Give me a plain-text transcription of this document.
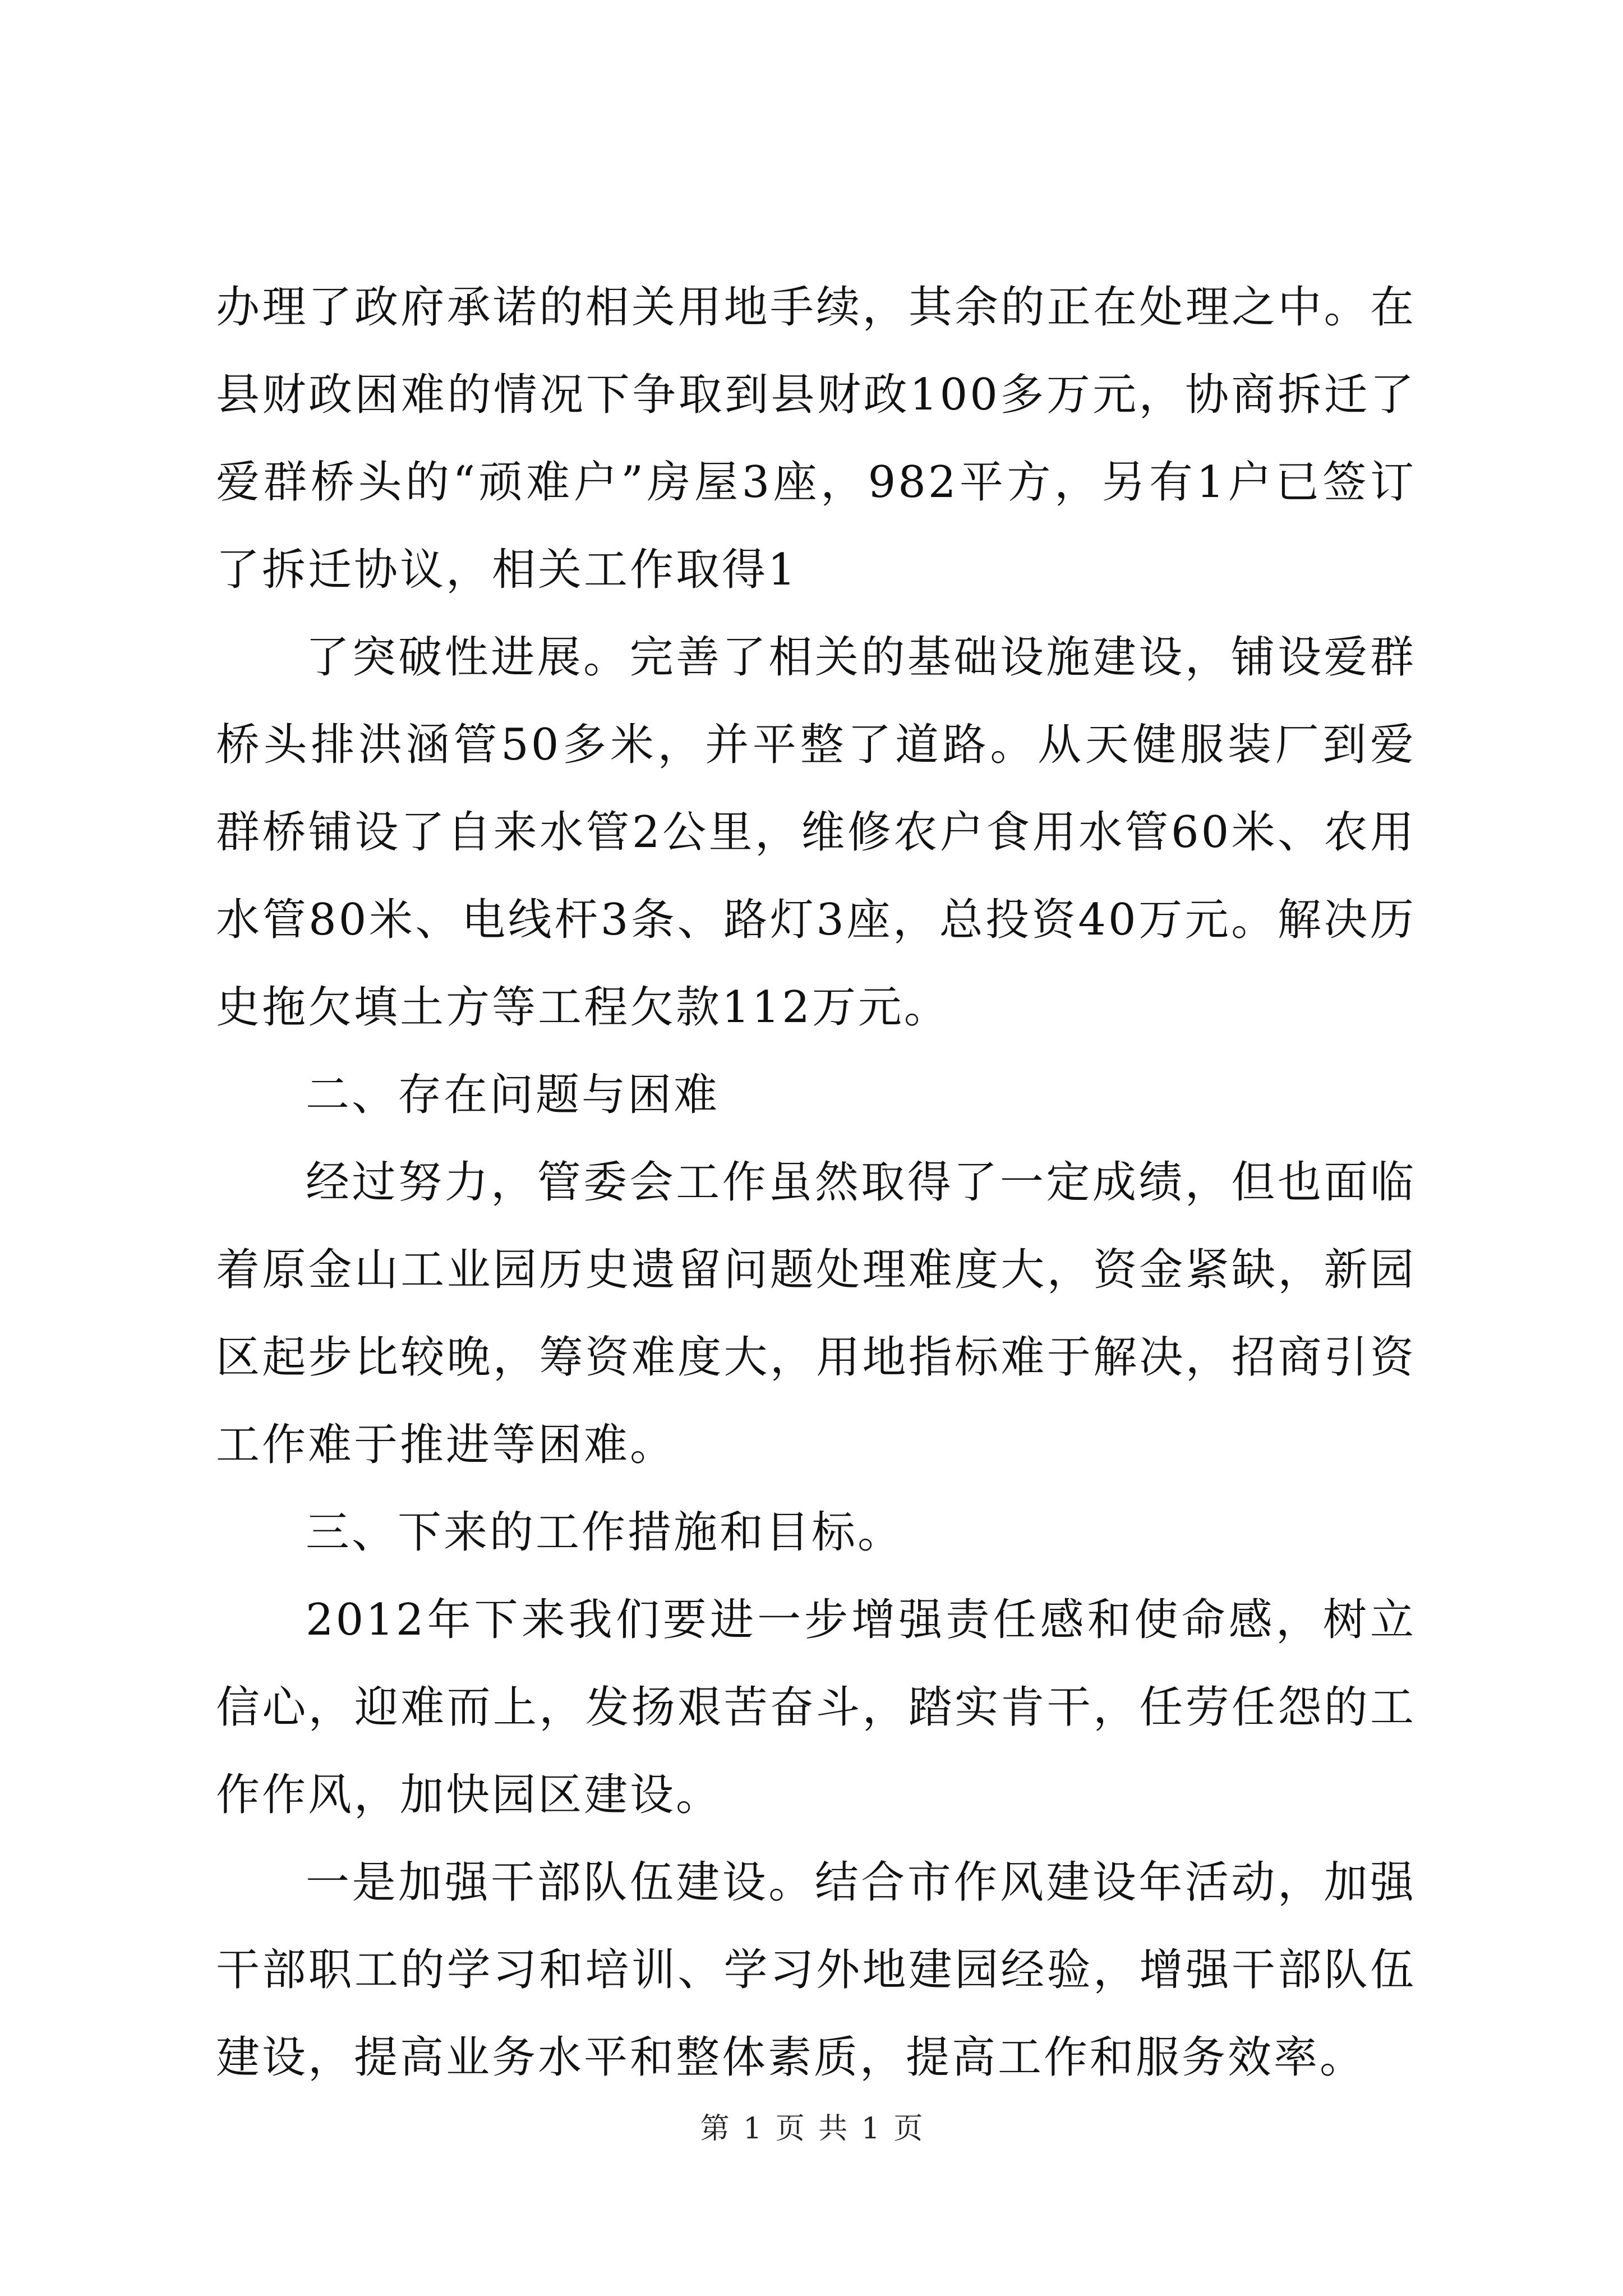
办理了政府承诺的相关用地手续，其余的正在处理之中。在县财政困难的情况下争取到县财政100多万元，协商拆迁了爱群桥头的“顽难户”房屋3座，982平方，另有1户已签订了拆迁协议，相关工作取得1

了突破性进展。完善了相关的基础设施建设，铺设爱群桥头排洪涵管50多米，并平整了道路。从天健服装厂到爱群桥铺设了自来水管2公里，维修农户食用水管60米、农用水管80米、电线杆3条、路灯3座，总投资40万元。解决历史拖欠填土方等工程欠款112万元。

二、存在问题与困难

经过努力，管委会工作虽然取得了一定成绩，但也面临着原金山工业园历史遗留问题处理难度大，资金紧缺，新园区起步比较晚，筹资难度大，用地指标难于解决，招商引资工作难于推进等困难。

三、下来的工作措施和目标。

2012年下来我们要进一步增强责任感和使命感，树立信心，迎难而上，发扬艰苦奋斗，踏实肯干，任劳任怨的工作作风，加快园区建设。

一是加强干部队伍建设。结合市作风建设年活动，加强干部职工的学习和培训、学习外地建园经验，增强干部队伍建设，提高业务水平和整体素质，提高工作和服务效率。

第 1 页 共 1 页
